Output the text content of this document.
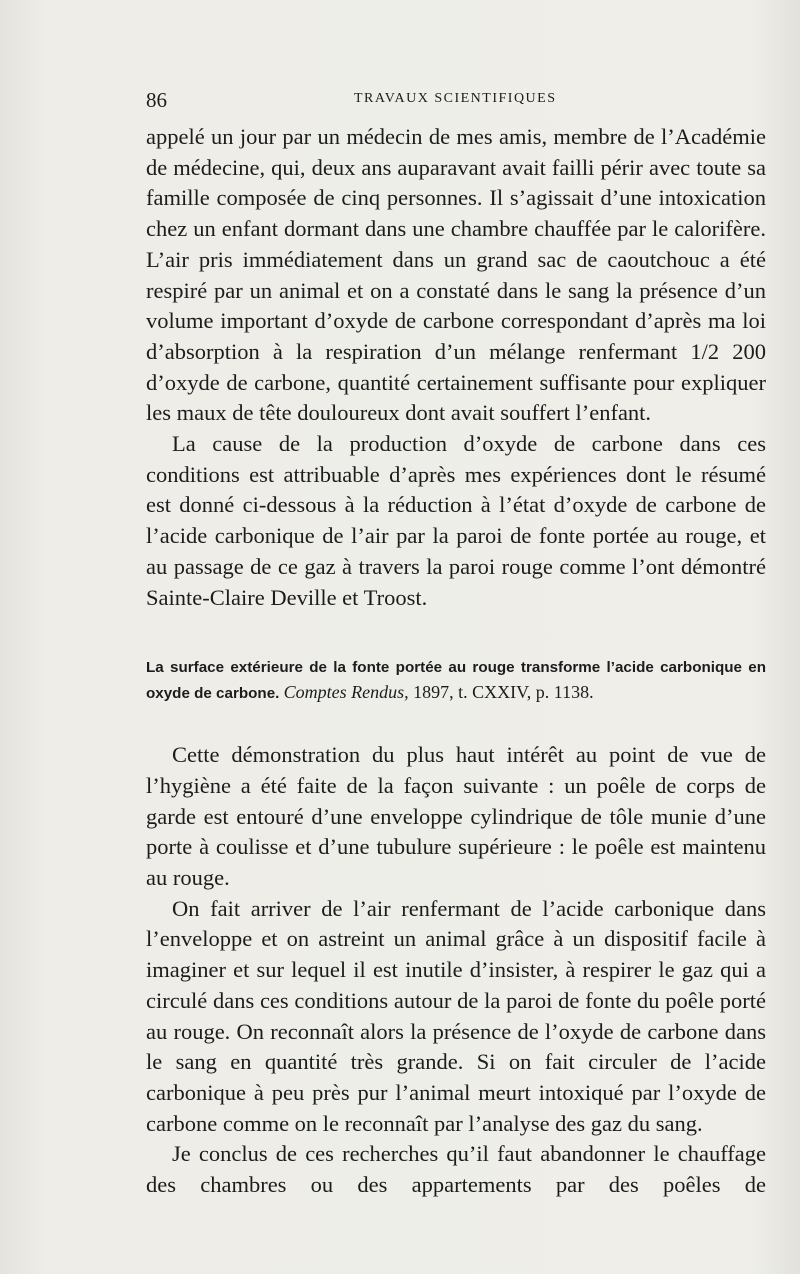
86	TRAVAUX SCIENTIFIQUES

appelé un jour par un médecin de mes amis, membre de l’Académie de médecine, qui, deux ans auparavant avait failli périr avec toute sa famille composée de cinq personnes. Il s’agissait d’une intoxication chez un enfant dormant dans une chambre chauffée par le calorifère. L’air pris immédiatement dans un grand sac de caoutchouc a été respiré par un animal et on a constaté dans le sang la présence d’un volume important d’oxyde de carbone correspondant d’après ma loi d’absorption à la respiration d’un mélange renfermant 1/2 200 d’oxyde de carbone, quantité certainement suffisante pour expliquer les maux de tête douloureux dont avait souffert l’enfant.

La cause de la production d’oxyde de carbone dans ces conditions est attribuable d’après mes expériences dont le résumé est donné ci-dessous à la réduction à l’état d’oxyde de carbone de l’acide carbonique de l’air par la paroi de fonte portée au rouge, et au passage de ce gaz à travers la paroi rouge comme l’ont démontré Sainte-Claire Deville et Troost.

La surface extérieure de la fonte portée au rouge transforme l’acide carbonique en oxyde de carbone. Comptes Rendus, 1897, t. CXXIV, p. 1138.

Cette démonstration du plus haut intérêt au point de vue de l’hygiène a été faite de la façon suivante : un poêle de corps de garde est entouré d’une enveloppe cylindrique de tôle munie d’une porte à coulisse et d’une tubulure supérieure : le poêle est maintenu au rouge.

On fait arriver de l’air renfermant de l’acide carbonique dans l’enveloppe et on astreint un animal grâce à un dispositif facile à imaginer et sur lequel il est inutile d’insister, à respirer le gaz qui a circulé dans ces conditions autour de la paroi de fonte du poêle porté au rouge. On reconnaît alors la présence de l’oxyde de carbone dans le sang en quantité très grande. Si on fait circuler de l’acide carbonique à peu près pur l’animal meurt intoxiqué par l’oxyde de carbone comme on le reconnaît par l’analyse des gaz du sang.

Je conclus de ces recherches qu’il faut abandonner le chauffage des chambres ou des appartements par des poêles de
